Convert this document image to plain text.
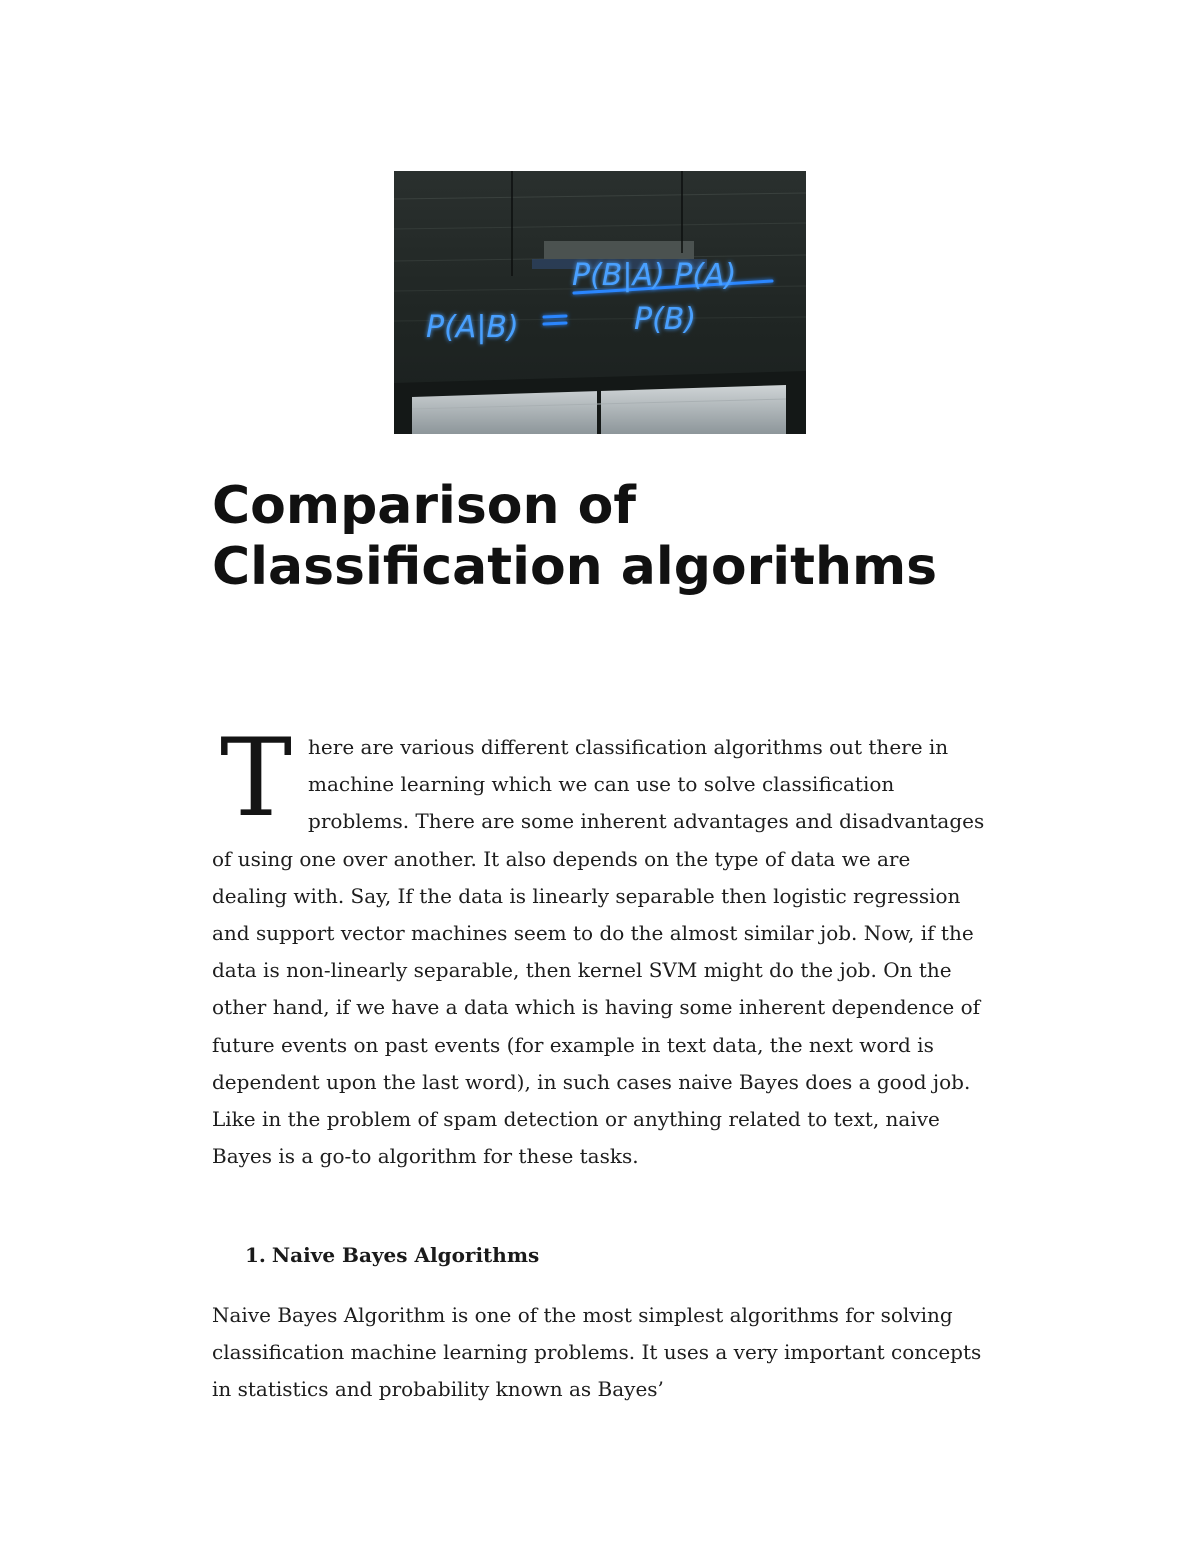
P(A|B)
P(B|A) P(A)
P(B)
Comparison of Classification algorithms

There are various different classification algorithms out there in machine learning which we can use to solve classification problems. There are some inherent advantages and disadvantages of using one over another. It also depends on the type of data we are dealing with. Say, If the data is linearly separable then logistic regression and support vector machines seem to do the almost similar job. Now, if the data is non-linearly separable, then kernel SVM might do the job. On the other hand, if we have a data which is having some inherent dependence of future events on past events (for example in text data, the next word is dependent upon the last word), in such cases naive Bayes does a good job. Like in the problem of spam detection or anything related to text, naive Bayes is a go-to algorithm for these tasks.

1. Naive Bayes Algorithms

Naive Bayes Algorithm is one of the most simplest algorithms for solving classification machine learning problems. It uses a very important concepts in statistics and probability known as Bayes’
